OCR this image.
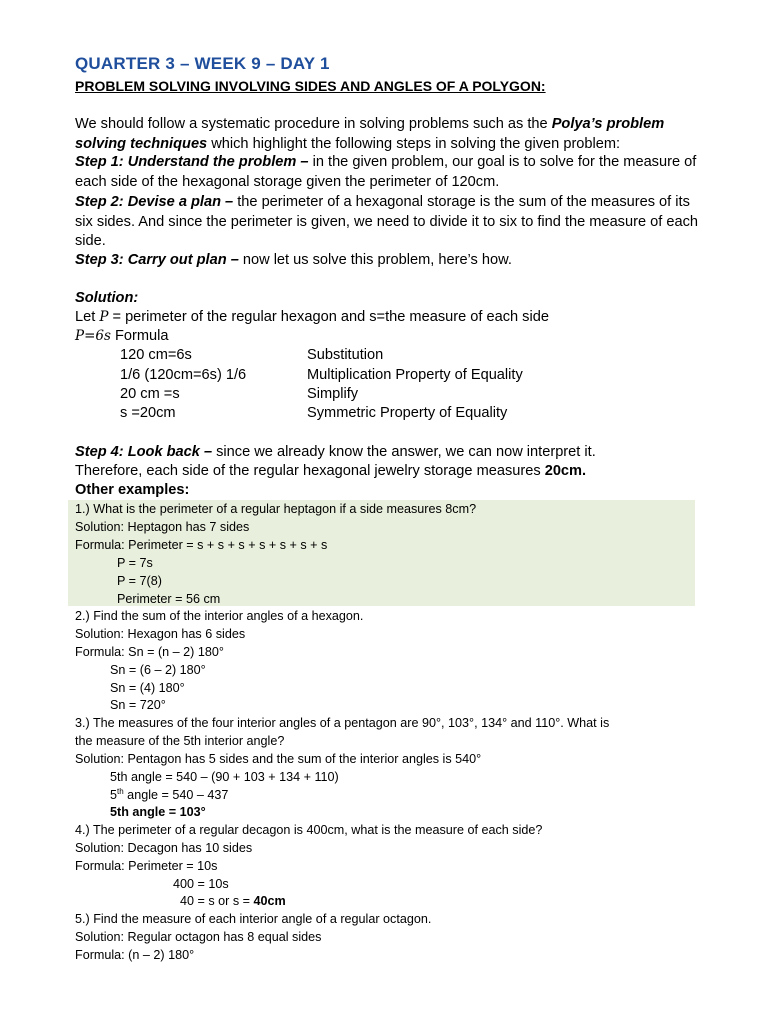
QUARTER 3 – WEEK 9 – DAY 1
PROBLEM SOLVING INVOLVING SIDES AND ANGLES OF A POLYGON:
We should follow a systematic procedure in solving problems such as the Polya’s problem solving techniques which highlight the following steps in solving the given problem:
Step 1: Understand the problem – in the given problem, our goal is to solve for the measure of each side of the hexagonal storage given the perimeter of 120cm.
Step 2: Devise a plan – the perimeter of a hexagonal storage is the sum of the measures of its six sides. And since the perimeter is given, we need to divide it to six to find the measure of each side.
Step 3: Carry out plan – now let us solve this problem, here’s how.
Solution:
Let P = perimeter of the regular hexagon and s=the measure of each side
P=6s Formula
120 cm=6s	Substitution
1/6 (120cm=6s) 1/6	Multiplication Property of Equality
20 cm =s	Simplify
s =20cm	Symmetric Property of Equality
Step 4: Look back – since we already know the answer, we can now interpret it.
Therefore, each side of the regular hexagonal jewelry storage measures 20cm.
Other examples:
1.) What is the perimeter of a regular heptagon if a side measures 8cm?
Solution: Heptagon has 7 sides
Formula: Perimeter = s + s + s + s + s + s + s
P = 7s
P = 7(8)
Perimeter = 56 cm
2.) Find the sum of the interior angles of a hexagon.
Solution: Hexagon has 6 sides
Formula: Sn = (n – 2) 180°
Sn = (6 – 2) 180°
Sn = (4) 180°
Sn = 720°
3.) The measures of the four interior angles of a pentagon are 90°, 103°, 134° and 110°. What is
the measure of the 5th interior angle?
Solution: Pentagon has 5 sides and the sum of the interior angles is 540°
5th angle = 540 – (90 + 103 + 134 + 110)
5th angle = 540 – 437
5th angle = 103°
4.) The perimeter of a regular decagon is 400cm, what is the measure of each side?
Solution: Decagon has 10 sides
Formula: Perimeter = 10s
400 = 10s
40 = s or s = 40cm
5.) Find the measure of each interior angle of a regular octagon.
Solution: Regular octagon has 8 equal sides
Formula: (n – 2) 180°
